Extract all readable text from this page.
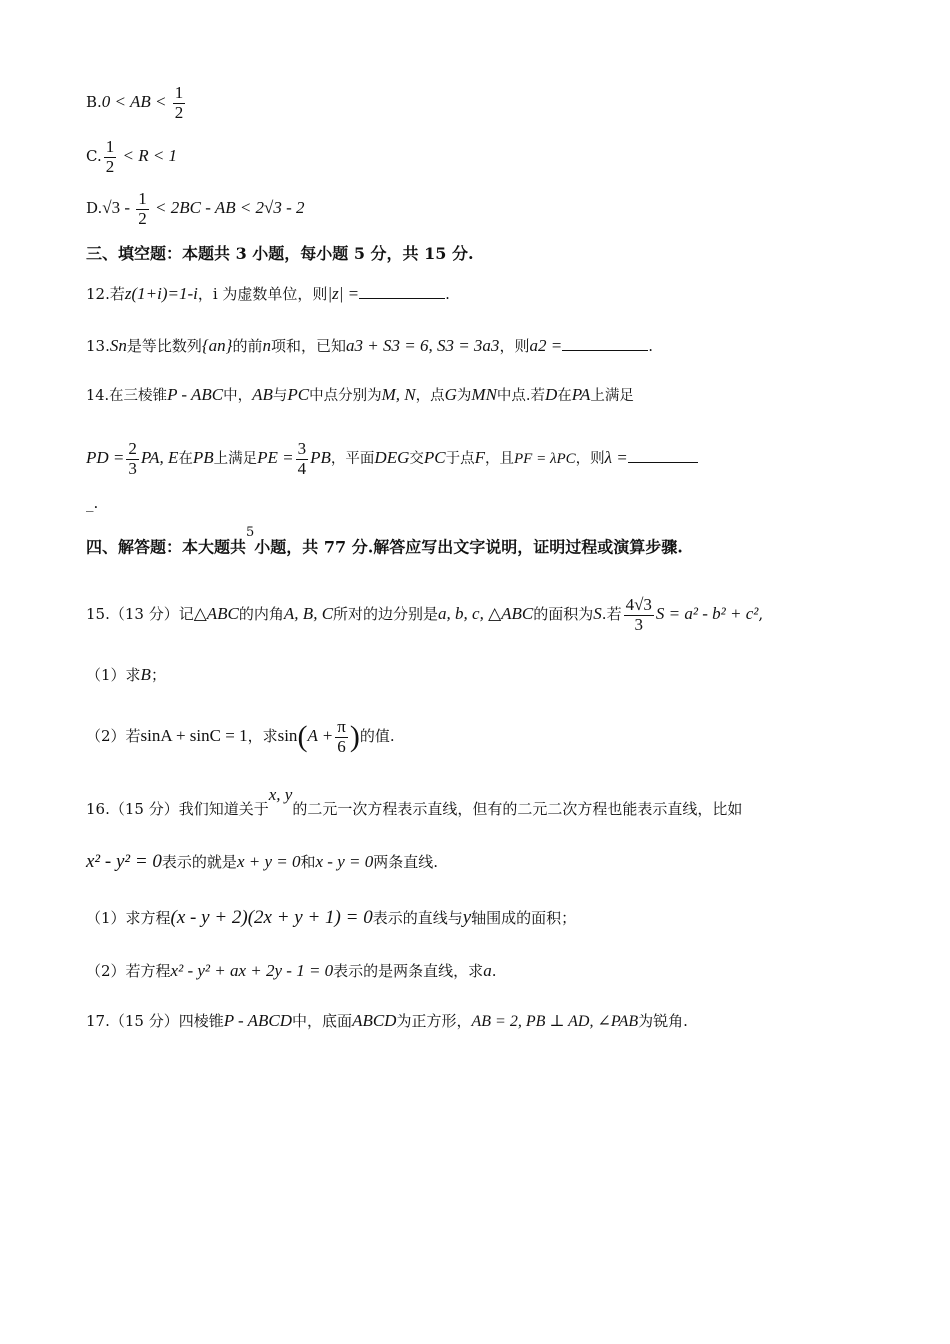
B.0 < AB < $\frac{1}{2}$
C. $\frac{1}{2} < R < 1$
$D.√3 - \frac{1}{2} < 2BC$ - AB < 2√3 - 2
三、填空题：本题共 3 小题，每小题 5 分，共 15 分.
12.若z(1+i)=1-i，i 为虚数单位，则|z| =	.
13.Sn是等比数列{an}的前n项和，已知a3 + S3 = 6, S3 = 3a3，则a2 =	.
14.在三棱锥P - ABC中，AB与PC中点分别为M, N，点G为MN中点.若D在PA上满足
PD = $\frac{2}{3}$ PA, E在PB上满足PE = $\frac{3}{4}$ PB，平面DEG交PC于点F，且PF = λPC，则λ =
_.
四、解答题：本大题共$^5$小题，共 77 分.解答应写出文字说明，证明过程或演算步骤.
15.（13 分）记△ABC的内角A, B, C所对的边分别是a, b, c, △ABC的面积为S.若 $\frac{4√3}{3}$ S = a² - b² + c²,
（1）求B；
（2）若sinA + sinC = 1，求$\sin(A + \frac{\pi}{6}$ )的值.
16.（15 分）我们知道关于x, y的二元一次方程表示直线，但有的二元二次方程也能表示直线，比如
x² - y² = 0表示的就是x + y = 0和x - y = 0两条直线.
（1）求方程(x - y + 2)(2x + y + 1) = 0表示的直线与y轴围成的面积；
（2）若方程x² - y² + ax + 2y - 1 = 0表示的是两条直线，求a.
17.（15 分）四棱锥P - ABCD中，底面ABCD为正方形，AB = 2, PB ⊥ AD, ∠PAB为锐角.
